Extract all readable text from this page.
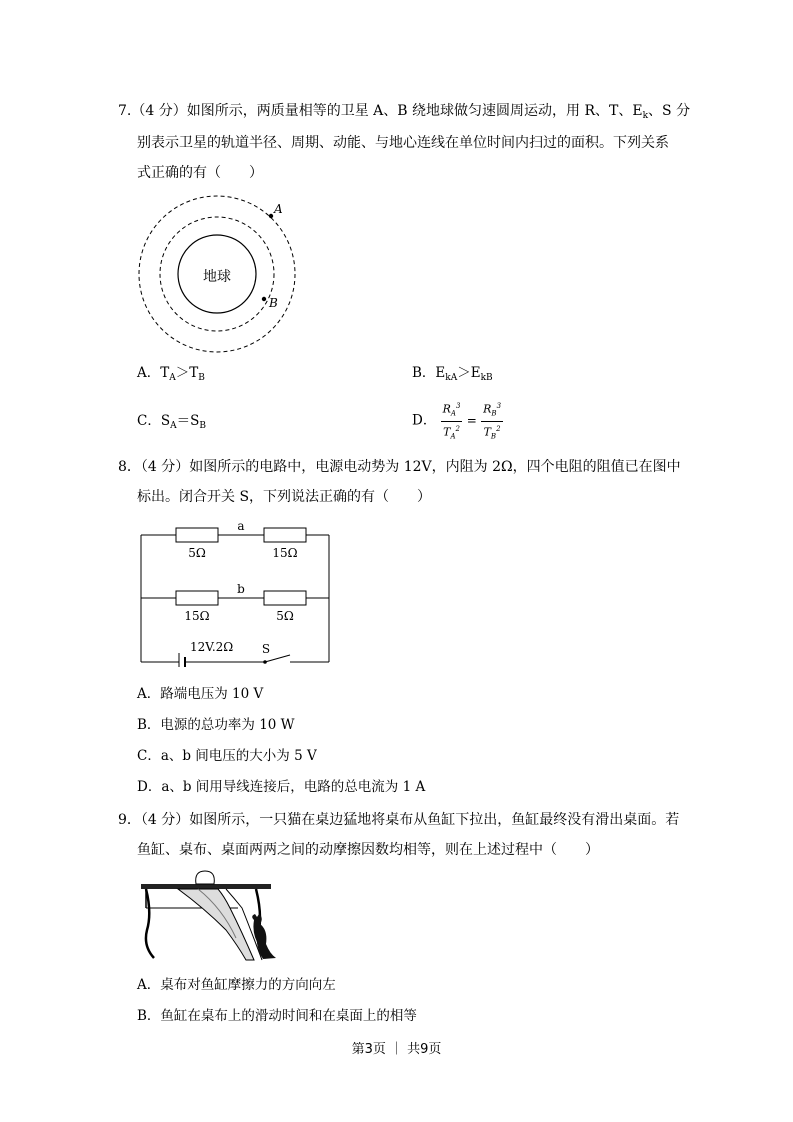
7.（4 分）如图所示，两质量相等的卫星 A、B 绕地球做匀速圆周运动，用 R、T、$E_k$、S 分
别表示卫星的轨道半径、周期、动能、与地心连线在单位时间内扫过的面积。下列关系
式正确的有（　　）
地球
A
B
A．$T_A>T_B$	B．$E_{kA}>E_{kB}$
C．$S_A=S_B$	D． $\frac{R_A^3}{T_A^2} = \frac{R_B^3}{T_B^2}$
8．（4 分）如图所示的电路中，电源电动势为 12V，内阻为 2Ω，四个电阻的阻值已在图中
标出。闭合开关 S，下列说法正确的有（　　）
a
5Ω	15Ω
b
15Ω	5Ω
12V.2Ω S
A．路端电压为 10 V
B．电源的总功率为 10 W
C．a、b 间电压的大小为 5 V
D．a、b 间用导线连接后，电路的总电流为 1 A
9．（4 分）如图所示，一只猫在桌边猛地将桌布从鱼缸下拉出，鱼缸最终没有滑出桌面。若
鱼缸、桌布、桌面两两之间的动摩擦因数均相等，则在上述过程中（　　）
A．桌布对鱼缸摩擦力的方向向左
B．鱼缸在桌布上的滑动时间和在桌面上的相等
第3页 ｜ 共9页
